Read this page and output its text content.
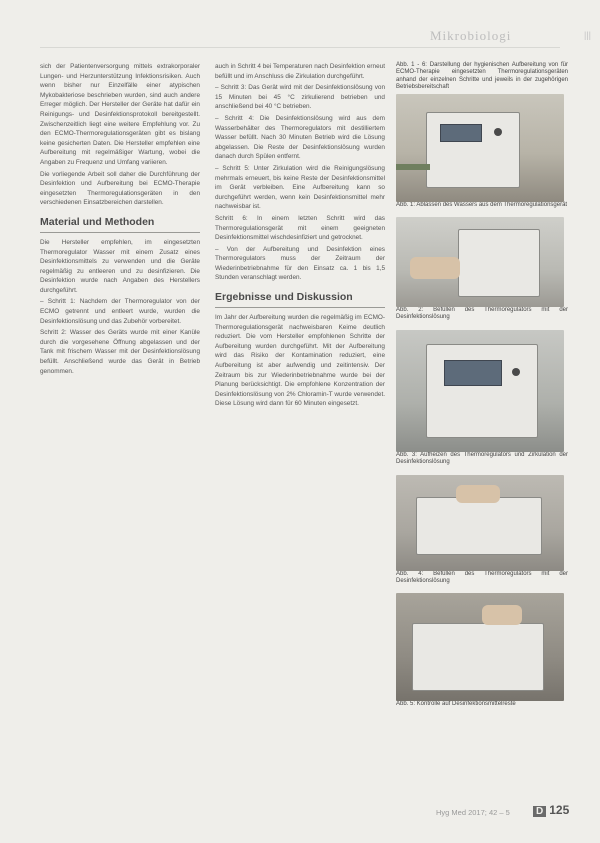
Mikrobiologi	|||

sich der Patientenversorgung mittels extrakorporaler Lungen- und Herzunterstützung Infektionsrisiken. Auch wenn bisher nur Einzelfälle einer atypischen Mykobakteriose beschrieben wurden, sind auch andere Erreger möglich. Der Hersteller der Geräte hat dafür ein Reinigungs- und Desinfektionsprotokoll bereitgestellt. Zwischenzeitlich liegt eine weitere Empfehlung vor. Zu den ECMO-Thermoregulationsgeräten gibt es bislang keine gesicherten Daten. Die Hersteller empfehlen eine Aufbereitung mit regelmäßiger Wartung, wobei die Angaben zu Frequenz und Umfang variieren.

Die vorliegende Arbeit soll daher die Durchführung der Desinfektion und Aufbereitung bei ECMO-Therapie eingesetzten Thermoregulationsgeräten in den verschiedenen Einsatzbereichen darstellen.

Material und Methoden

Die Hersteller empfehlen, im eingesetzten Thermoregulator Wasser mit einem Zusatz eines Desinfektionsmittels zu verwenden und die Geräte regelmäßig zu entleeren und zu desinfizieren. Die Desinfektion wurde nach Angaben des Herstellers durchgeführt.

– Schritt 1: Nachdem der Thermoregulator von der ECMO getrennt und entleert wurde, wurden die Desinfektionslösung und das Zubehör vorbereitet.

Schritt 2: Wasser des Geräts wurde mit einer Kanüle durch die vorgesehene Öffnung abgelassen und der Tank mit frischem Wasser mit der Desinfektionslösung befüllt. Anschließend wurde das Gerät in Betrieb genommen.

auch in Schritt 4 bei Temperaturen nach Desinfektion erneut befüllt und im Anschluss die Zirkulation durchgeführt.

– Schritt 3: Das Gerät wird mit der Desinfektionslösung von 15 Minuten bei 45 °C zirkulierend betrieben und anschließend bei 40 °C betrieben.

– Schritt 4: Die Desinfektionslösung wird aus dem Wasserbehälter des Thermoregulators mit destilliertem Wasser befüllt. Nach 30 Minuten Betrieb wird die Lösung abgelassen. Die Reste der Desinfektionslösung wurden danach durch Spülen entfernt.

– Schritt 5: Unter Zirkulation wird die Reinigungslösung mehrmals erneuert, bis keine Reste der Desinfektionsmittel im Gerät verbleiben. Eine Aufbereitung kann so durchgeführt werden, wenn kein Desinfektionsmittel mehr nachweisbar ist.

Schritt 6: In einem letzten Schritt wird das Thermoregulationsgerät mit einem geeigneten Desinfektionsmittel wischdesinfiziert und getrocknet.

– Von der Aufbereitung und Desinfektion eines Thermoregulators muss der Zeitraum der Wiederinbetriebnahme für den Einsatz ca. 1 bis 1,5 Stunden veranschlagt werden.

Ergebnisse und Diskussion

Im Jahr der Aufbereitung wurden die regelmäßig im ECMO-Thermoregulationsgerät nachweisbaren Keime deutlich reduziert. Die vom Hersteller empfohlenen Schritte der Aufbereitung wurden durchgeführt. Mit der Aufbereitung wird das Risiko der Kontamination reduziert, eine Aufbereitung ist aber aufwendig und zeitintensiv. Der Zeitraum bis zur Wiederinbetriebnahme wurde bei der Planung berücksichtigt. Die empfohlene Konzentration der Desinfektionslösung von 2% Chloramin-T wurde verwendet. Diese Lösung wird dann für 60 Minuten eingesetzt.

Abb. 1 - 6: Darstellung der hygienischen Aufbereitung von für ECMO-Therapie eingesetzten Thermoregulationsgeräten anhand der einzelnen Schritte und jeweils in der zugehörigen Betriebsbereitschaft

Abb. 1: Ablassen des Wassers aus dem Thermoregulationsgerät

Abb. 2: Befüllen des Thermoregulators mit der Desinfektionslösung

Abb. 3: Aufheizen des Thermoregulators und Zirkulation der Desinfektionslösung

Abb. 4: Befüllen des Thermoregulators mit der Desinfektionslösung

Abb. 5: Kontrolle auf Desinfektionsmittelreste

Hyg Med 2017; 42 – 5	D 125
